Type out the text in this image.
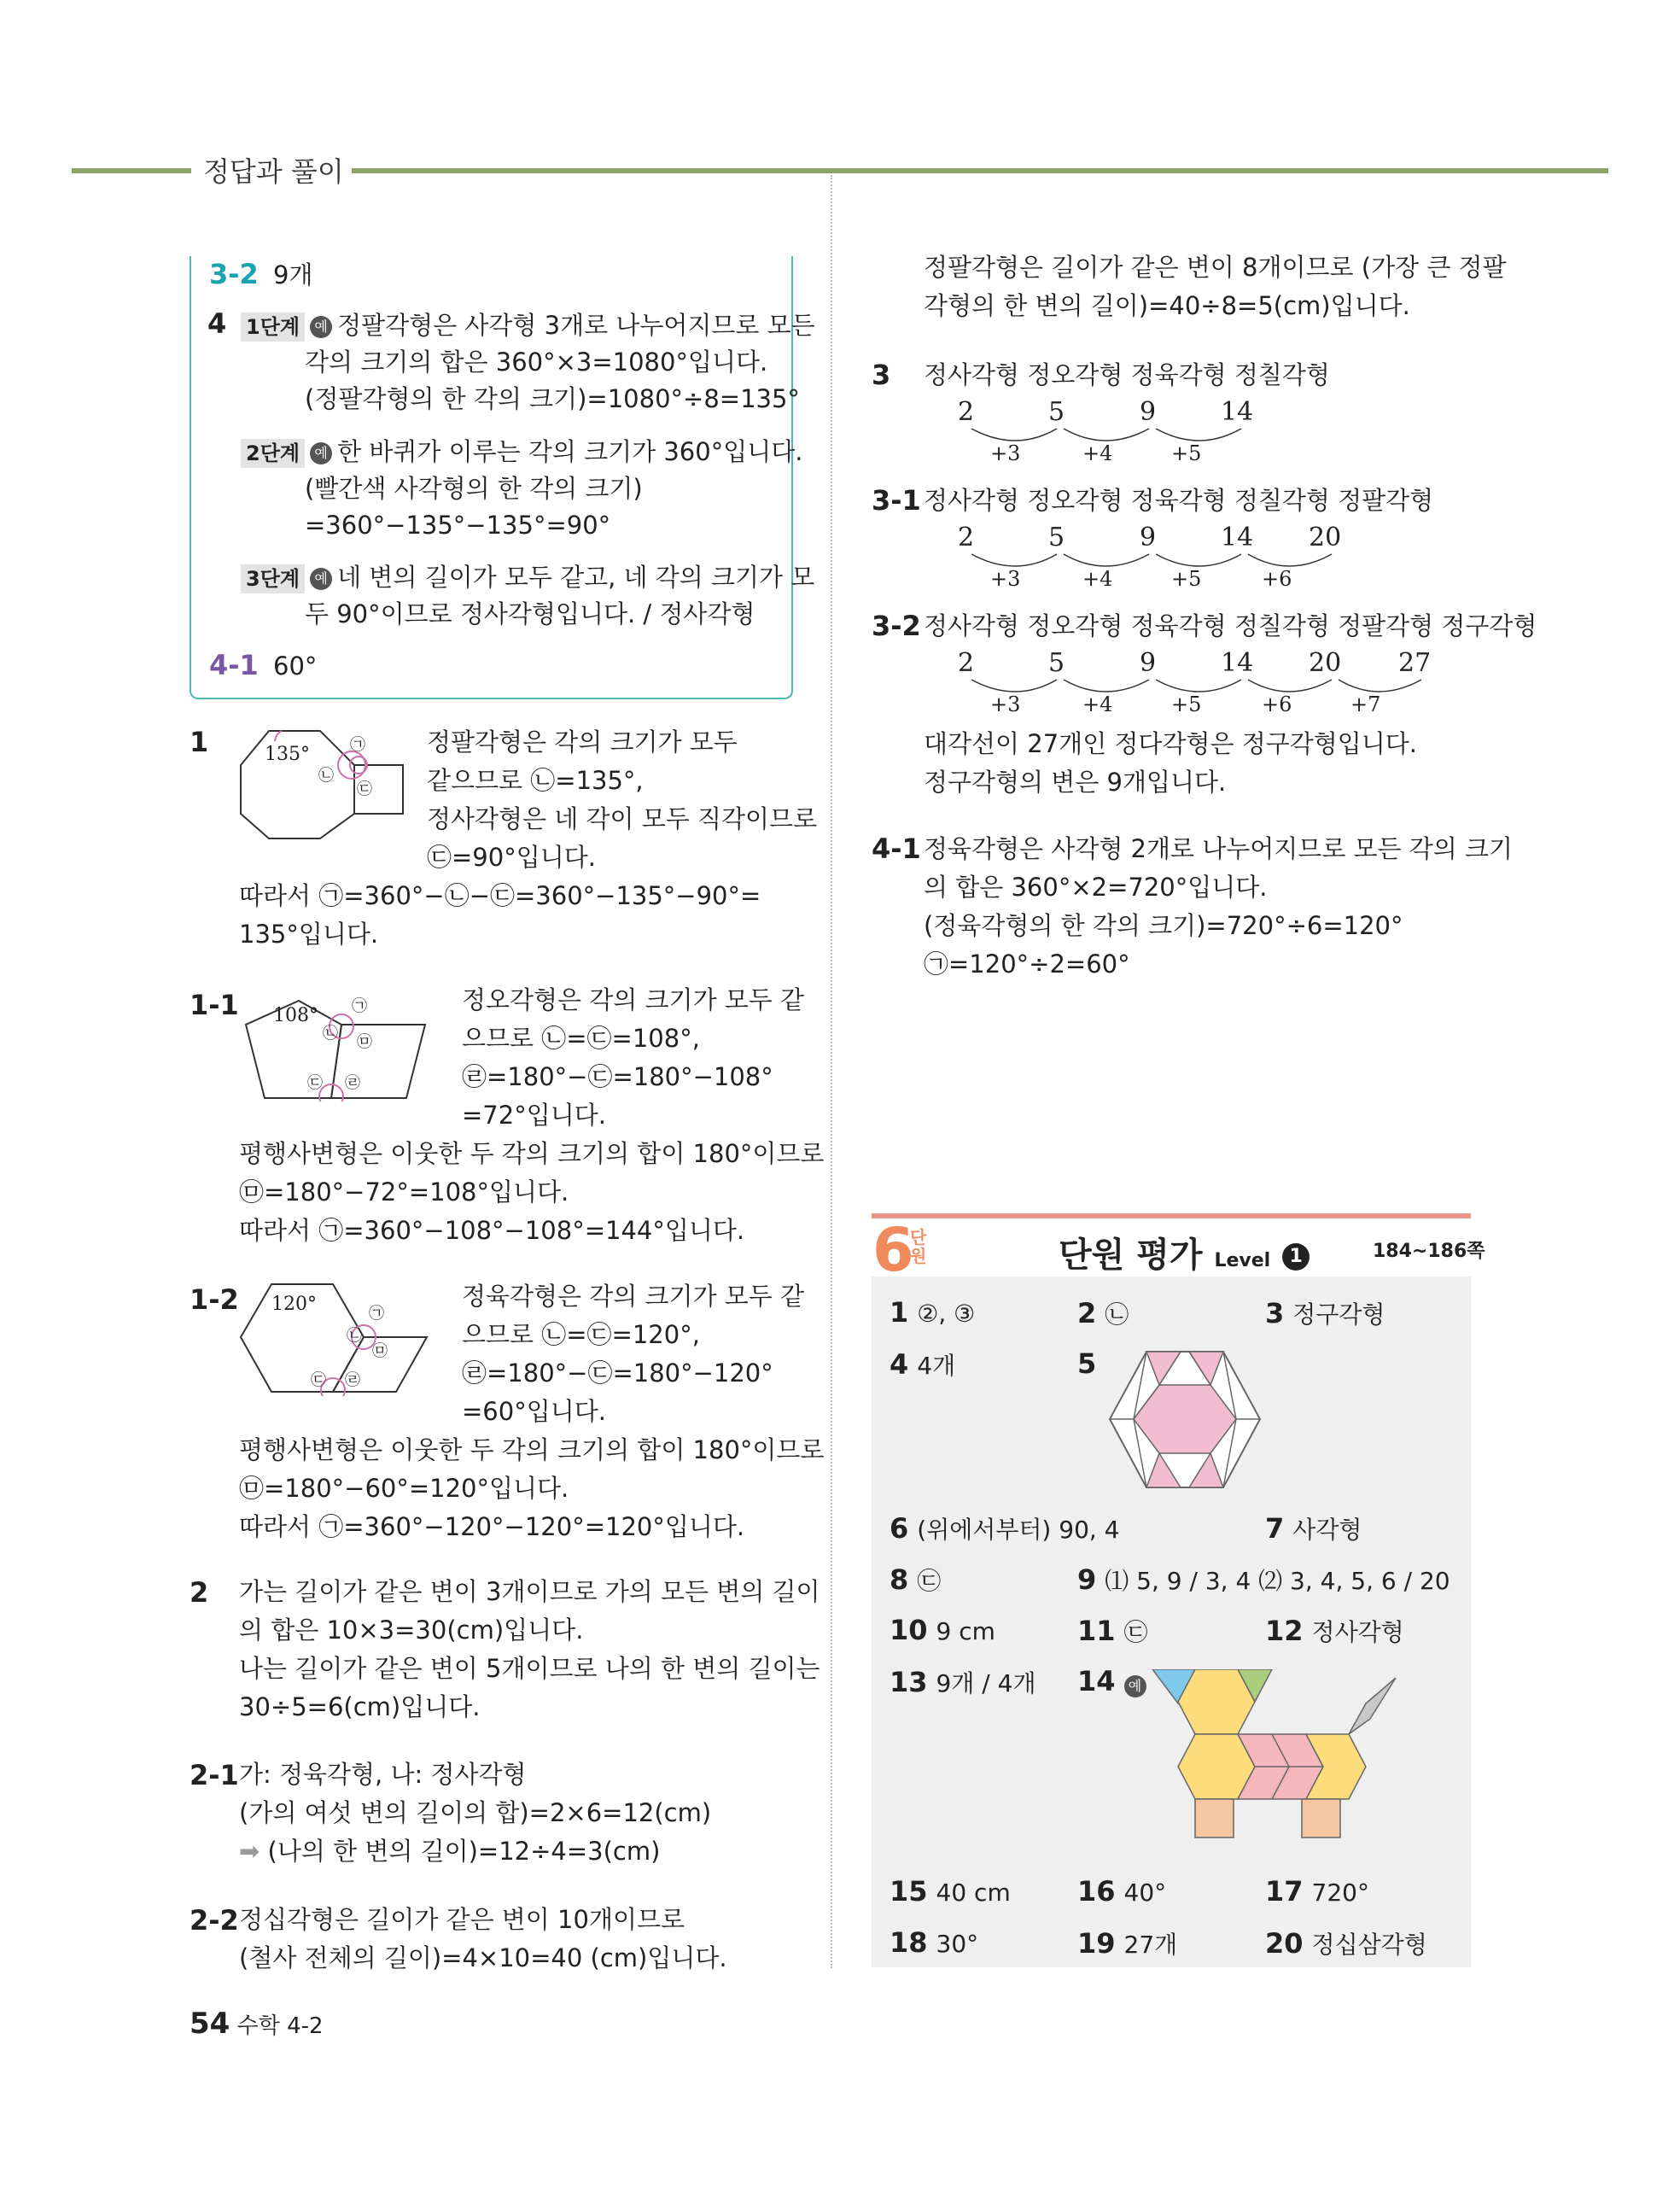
정답과 풀이
3-2 9개
4 1단계 예 정팔각형은 사각형 3개로 나누어지므로 모든
각의 크기의 합은 360°×3=1080°입니다.
(정팔각형의 한 각의 크기)=1080°÷8=135°
2단계 예 한 바퀴가 이루는 각의 크기가 360°입니다.
(빨간색 사각형의 한 각의 크기)
=360°−135°−135°=90°
3단계 예 네 변의 길이가 모두 같고, 네 각의 크기가 모
두 90°이므로 정사각형입니다. / 정사각형
4-1 60°
1	135°	㉠
㉡
㉢
정팔각형은 각의 크기가 모두
같으므로 ㉡=135°,
정사각형은 네 각이 모두 직각이므로
㉢=90°입니다.
따라서 ㉠=360°−㉡−㉢=360°−135°−90°=
135°입니다.
1-1 108° ㉠
㉡ ㉤
㉢ ㉣
정오각형은 각의 크기가 모두 같
으므로 ㉡=㉢=108°,
㉣=180°−㉢=180°−108°
=72°입니다.
평행사변형은 이웃한 두 각의 크기의 합이 180°이므로
㉤=180°−72°=108°입니다.
따라서 ㉠=360°−108°−108°=144°입니다.
1-2 120°	㉠
㉡
㉤
㉢ ㉣
정육각형은 각의 크기가 모두 같
으므로 ㉡=㉢=120°,
㉣=180°−㉢=180°−120°
=60°입니다.
평행사변형은 이웃한 두 각의 크기의 합이 180°이므로
㉤=180°−60°=120°입니다.
따라서 ㉠=360°−120°−120°=120°입니다.
2 가는 길이가 같은 변이 3개이므로 가의 모든 변의 길이
의 합은 10×3=30(cm)입니다.
나는 길이가 같은 변이 5개이므로 나의 한 변의 길이는
30÷5=6(cm)입니다.
2-1 가: 정육각형, 나: 정사각형
(가의 여섯 변의 길이의 합)=2×6=12(cm)
➡ (나의 한 변의 길이)=12÷4=3(cm)
2-2 정십각형은 길이가 같은 변이 10개이므로
(철사 전체의 길이)=4×10=40 (cm)입니다.
정팔각형은 길이가 같은 변이 8개이므로 (가장 큰 정팔
각형의 한 변의 길이)=40÷8=5(cm)입니다.
3 정사각형 정오각형 정육각형 정칠각형
2	5	9	14
+3	+4	+5
3-1 정사각형 정오각형 정육각형 정칠각형 정팔각형
2	5	9	14 20
+3	+4	+5	+6
3-2 정사각형 정오각형 정육각형 정칠각형 정팔각형 정구각형
2	5	9	14 20 27
+3	+4	+5	+6	+7
대각선이 27개인 정다각형은 정구각형입니다.
정구각형의 변은 9개입니다.
4-1 정육각형은 사각형 2개로 나누어지므로 모든 각의 크기
의 합은 360°×2=720°입니다.
(정육각형의 한 각의 크기)=720°÷6=120°
㉠=120°÷2=60°
6
단원	단원 평가 Level 1	184~186쪽
1 ②, ③	2 ㉡	3 정구각형
4 4개	5
6 (위에서부터) 90, 4	7 사각형
8 ㉢	9 ⑴ 5, 9 / 3, 4 ⑵ 3, 4, 5, 6 / 20
10 9 cm	11 ㉢	12 정사각형
13 9개 / 4개 14 예
15 40 cm 16 40°	17 720°
18 30°	19 27개	20 정십삼각형
54 수학 4-2
